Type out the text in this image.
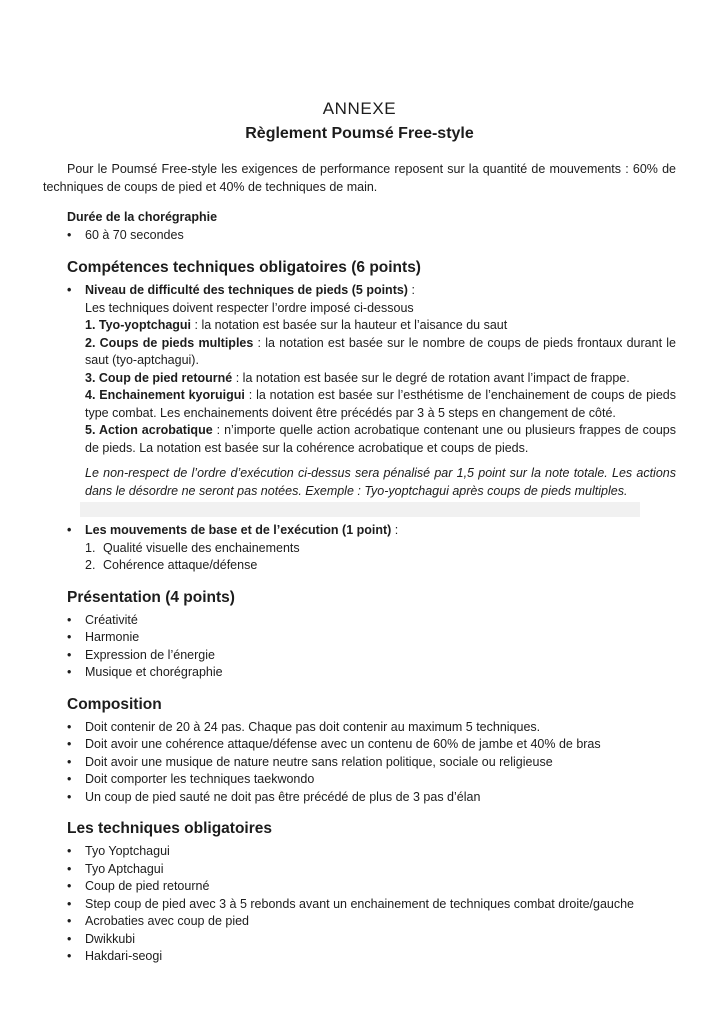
ANNEXE
Règlement Poumsé Free-style

Pour le Poumsé Free-style les exigences de performance reposent sur la quantité de mouvements : 60% de techniques de coups de pied et 40% de techniques de main.

Durée de la chorégraphie
•	60 à 70 secondes
Compétences techniques obligatoires (6 points)
•	Niveau de difficulté des techniques de pieds (5 points) :
Les techniques doivent respecter l’ordre imposé ci-dessous

1. Tyo-yoptchagui : la notation est basée sur la hauteur et l’aisance du saut

2. Coups de pieds multiples : la notation est basée sur le nombre de coups de pieds frontaux durant le saut (tyo-aptchagui).

3. Coup de pied retourné : la notation est basée sur le degré de rotation avant l’impact de frappe.

4. Enchainement kyoruigui : la notation est basée sur l’esthétisme de l’enchainement de coups de pieds type combat. Les enchainements doivent être précédés par 3 à 5 steps en changement de côté.

5. Action acrobatique : n’importe quelle action acrobatique contenant une ou plusieurs frappes de coups de pieds. La notation est basée sur la cohérence acrobatique et coups de pieds.

Le non-respect de l’ordre d’exécution ci-dessus sera pénalisé par 1,5 point sur la note totale. Les actions dans le désordre ne seront pas notées. Exemple : Tyo-yoptchagui après coups de pieds multiples.

•	Les mouvements de base et de l’exécution (1 point) :
1. Qualité visuelle des enchainements
2. Cohérence attaque/défense
Présentation (4 points)
•	Créativité
•	Harmonie
•	Expression de l’énergie
•	Musique et chorégraphie
Composition
•	Doit contenir de 20 à 24 pas. Chaque pas doit contenir au maximum 5 techniques.
•	Doit avoir une cohérence attaque/défense avec un contenu de 60% de jambe et 40% de bras
•	Doit avoir une musique de nature neutre sans relation politique, sociale ou religieuse
•	Doit comporter les techniques taekwondo
•	Un coup de pied sauté ne doit pas être précédé de plus de 3 pas d’élan
Les techniques obligatoires
•	Tyo Yoptchagui
•	Tyo Aptchagui
•	Coup de pied retourné
•	Step coup de pied avec 3 à 5 rebonds avant un enchainement de techniques combat droite/gauche
•	Acrobaties avec coup de pied
•	Dwikkubi
•	Hakdari-seogi
